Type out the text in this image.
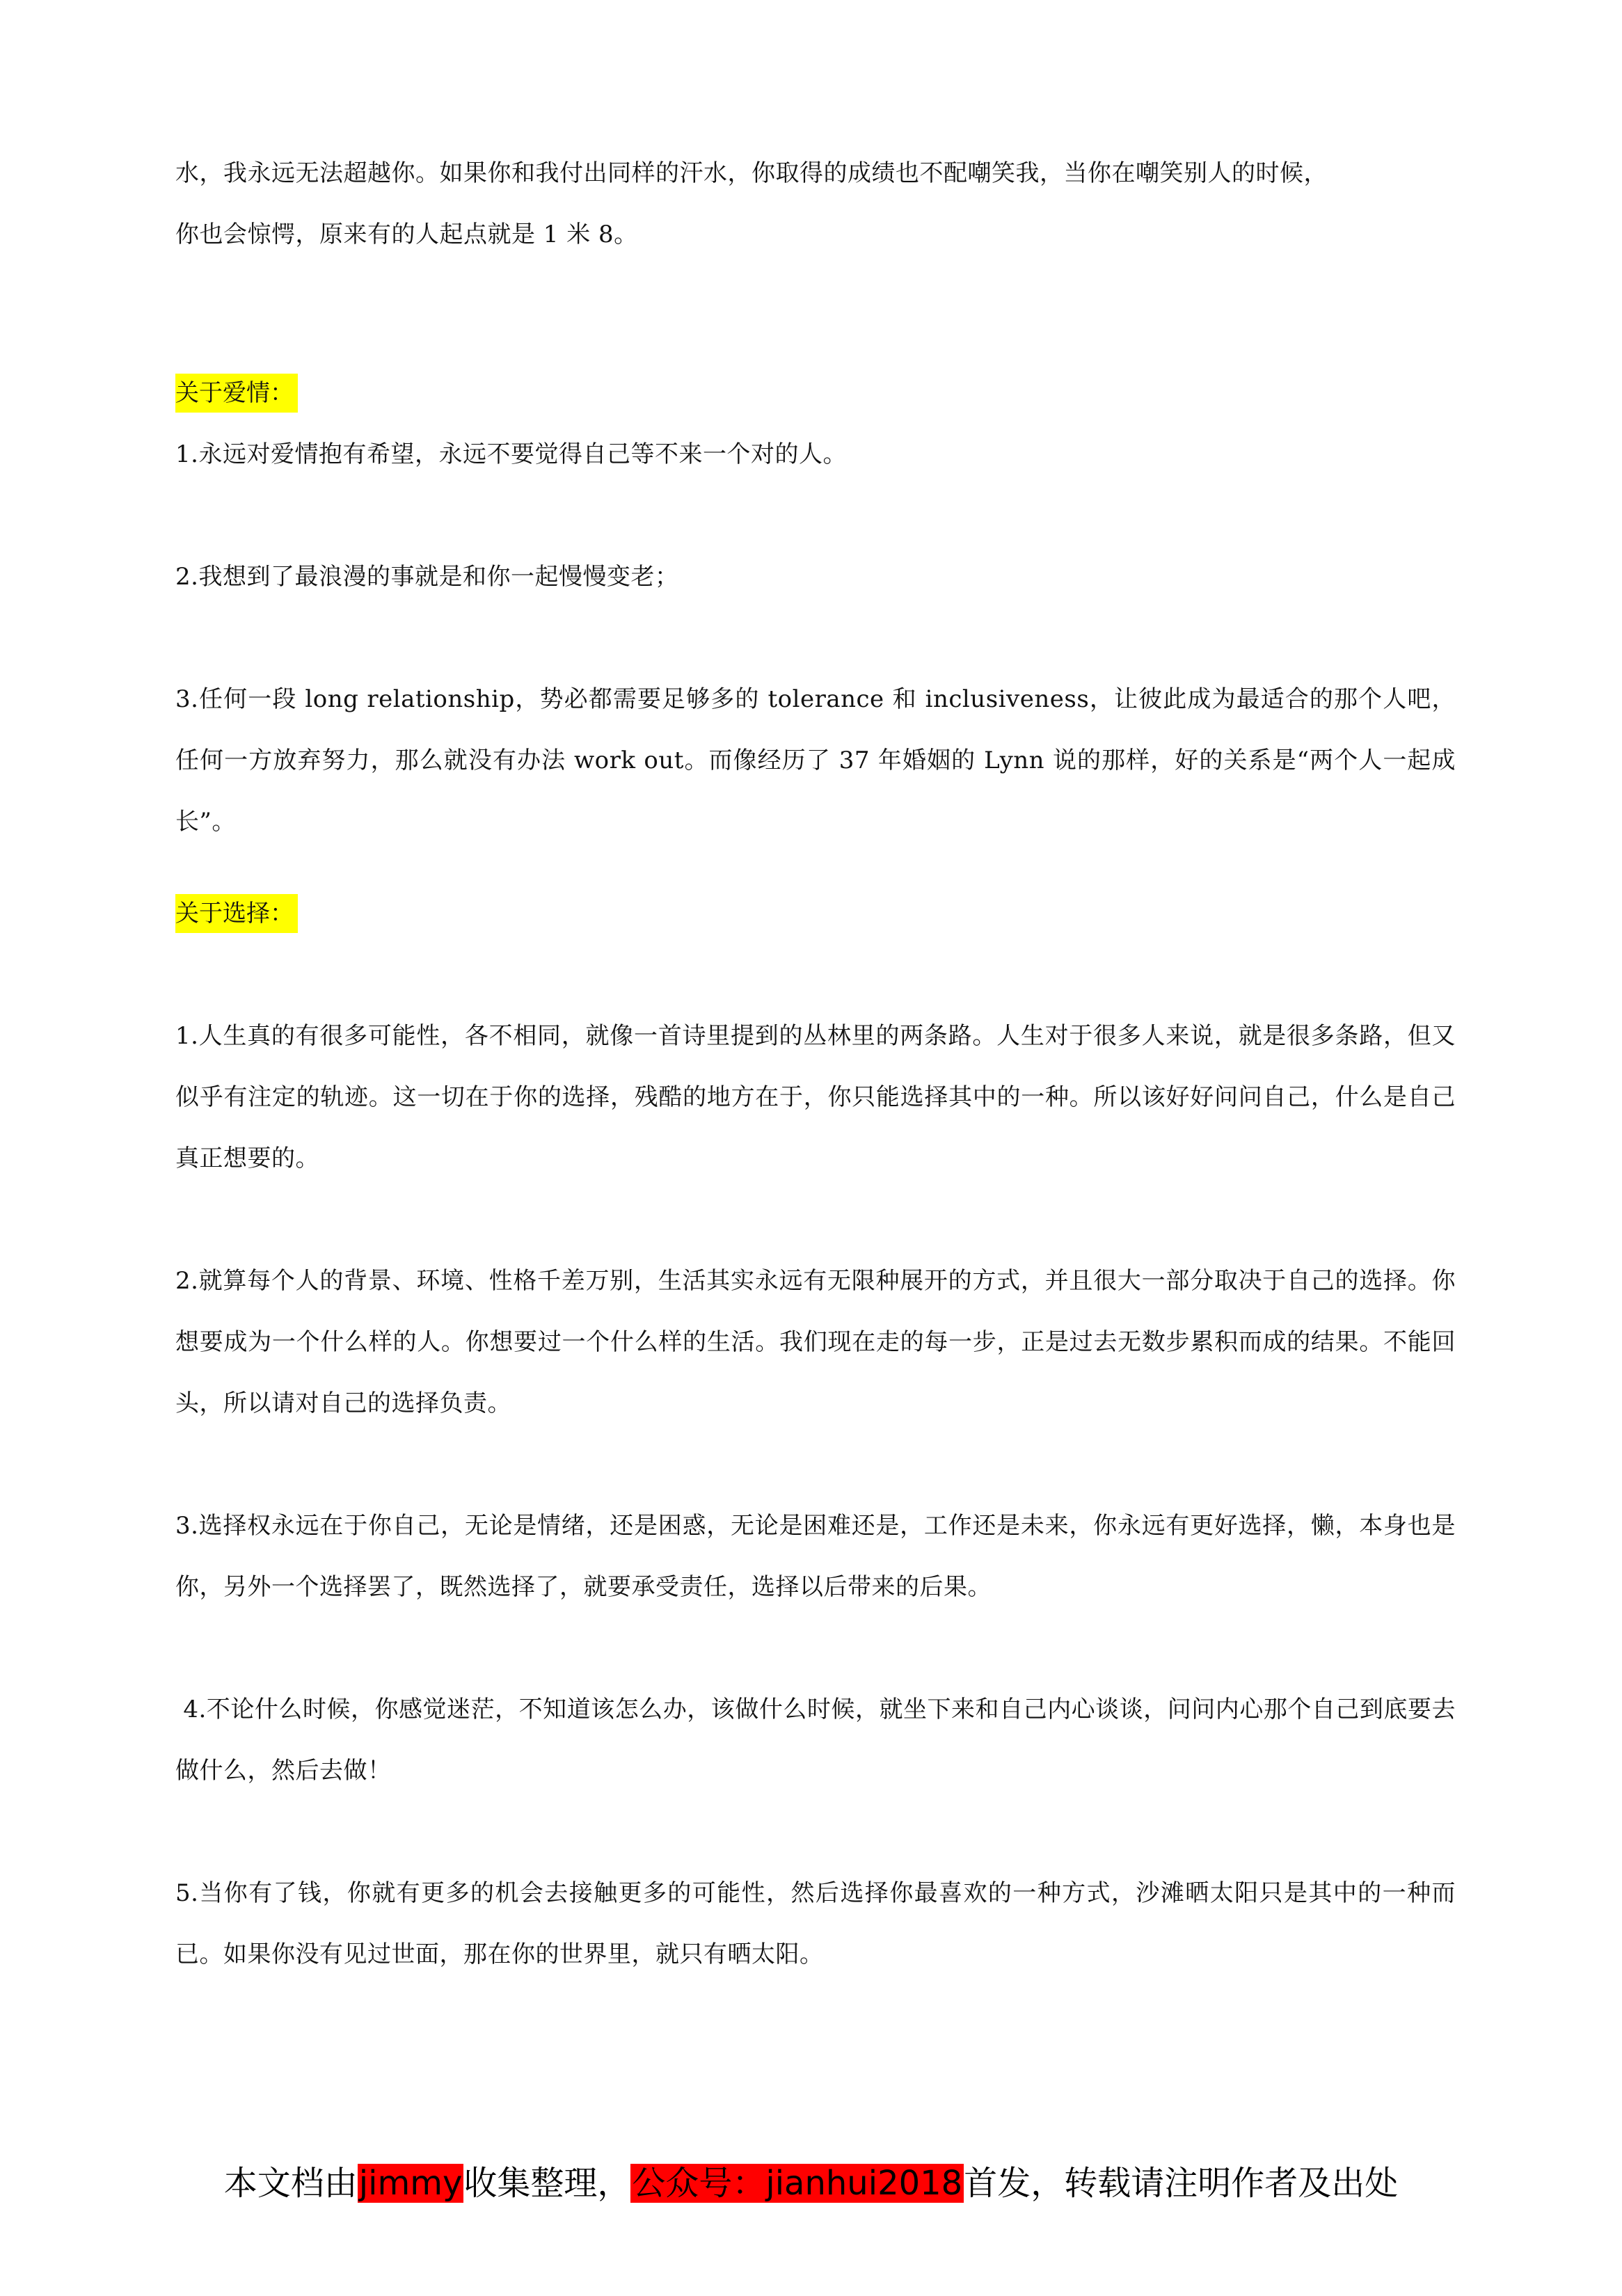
水，我永远无法超越你。如果你和我付出同样的汗水，你取得的成绩也不配嘲笑我，当你在嘲笑别人的时候，

你也会惊愕，原来有的人起点就是 1 米 8。

关于爱情：

1.永远对爱情抱有希望，永远不要觉得自己等不来一个对的人。

2.我想到了最浪漫的事就是和你一起慢慢变老；

3.任何一段 long relationship，势必都需要足够多的 tolerance 和 inclusiveness，让彼此成为最适合的那个人吧，任何一方放弃努力，那么就没有办法 work out。而像经历了 37 年婚姻的 Lynn 说的那样，好的关系是“两个人一起成长”。

关于选择：

1.人生真的有很多可能性，各不相同，就像一首诗里提到的丛林里的两条路。人生对于很多人来说，就是很多条路，但又似乎有注定的轨迹。这一切在于你的选择，残酷的地方在于，你只能选择其中的一种。所以该好好问问自己，什么是自己真正想要的。

2.就算每个人的背景、环境、性格千差万别，生活其实永远有无限种展开的方式，并且很大一部分取决于自己的选择。你想要成为一个什么样的人。你想要过一个什么样的生活。我们现在走的每一步，正是过去无数步累积而成的结果。不能回头，所以请对自己的选择负责。

3.选择权永远在于你自己，无论是情绪，还是困惑，无论是困难还是，工作还是未来，你永远有更好选择，懒，本身也是你，另外一个选择罢了，既然选择了，就要承受责任，选择以后带来的后果。

4.不论什么时候，你感觉迷茫，不知道该怎么办，该做什么时候，就坐下来和自己内心谈谈，问问内心那个自己到底要去做什么，然后去做！

5.当你有了钱，你就有更多的机会去接触更多的可能性，然后选择你最喜欢的一种方式，沙滩晒太阳只是其中的一种而已。如果你没有见过世面，那在你的世界里，就只有晒太阳。

本文档由jimmy收集整理，公众号：jianhui2018首发，转载请注明作者及出处
